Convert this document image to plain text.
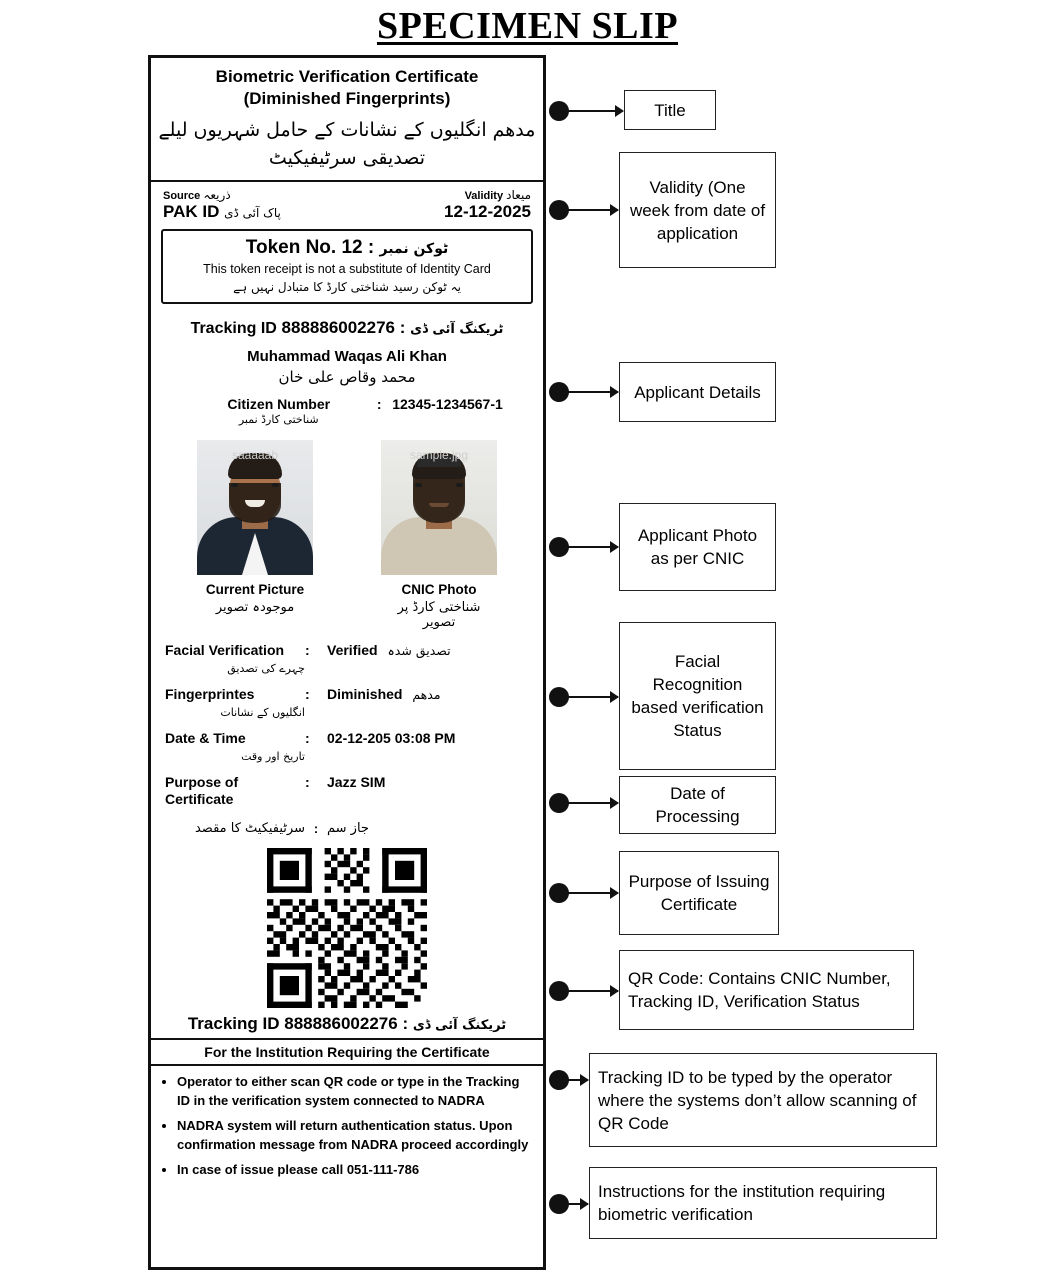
SPECIMEN SLIP
Biometric Verification Certificate
(Diminished Fingerprints)
مدھم انگلیوں کے نشانات کے حامل شہریوں لیلے تصدیقی سرٹیفیکیٹ
Source ذریعہ
PAK ID پاک آئی ڈی
Validity میعاد
12-12-2025
Token No.	ٹوکن نمبر : 12
This token receipt is not a substitute of Identity Card
یہ ٹوکن رسید شناختی کارڈ کا متبادل نہیں ہے
Tracking ID	ٹریکنگ آئی ڈی : 888886002276
Muhammad Waqas Ali Khan
محمد وقاص علی خان
Citizen Number
شناختی کارڈ نمبر
: 12345-1234567-1
saaaaab
Current Picture
موجودہ تصویر
sample.jpg
CNIC Photo
شناختی کارڈ پر تصویر
Facial Verification
چہرے کی تصدیق
:	Verified تصدیق شدہ
Fingerprintes
انگلیوں کے نشانات
:	Diminished مدھم
Date & Time
تاریخ اور وقت
:	02-12-205 03:08 PM
Purpose of Certificate
:	Jazz SIM
سرٹیفیکیٹ کا مقصد : جاز سم
Tracking ID	ٹریکنگ آئی ڈی : 888886002276
For the Institution Requiring the Certificate
• Operator to either scan QR code or type in the Tracking ID in the verification system connected to NADRA
• NADRA system will return authentication status. Upon confirmation message from NADRA proceed accordingly
• In case of issue please call 051-111-786
Title
Validity (One week from date of application
Applicant Details
Applicant Photo as per CNIC
Facial Recognition based verification Status
Date of Processing
Purpose of Issuing Certificate
QR Code: Contains CNIC Number, Tracking ID, Verification Status
Tracking ID to be typed by the operator where the systems don’t allow scanning of QR Code
Instructions for the institution requiring biometric verification
